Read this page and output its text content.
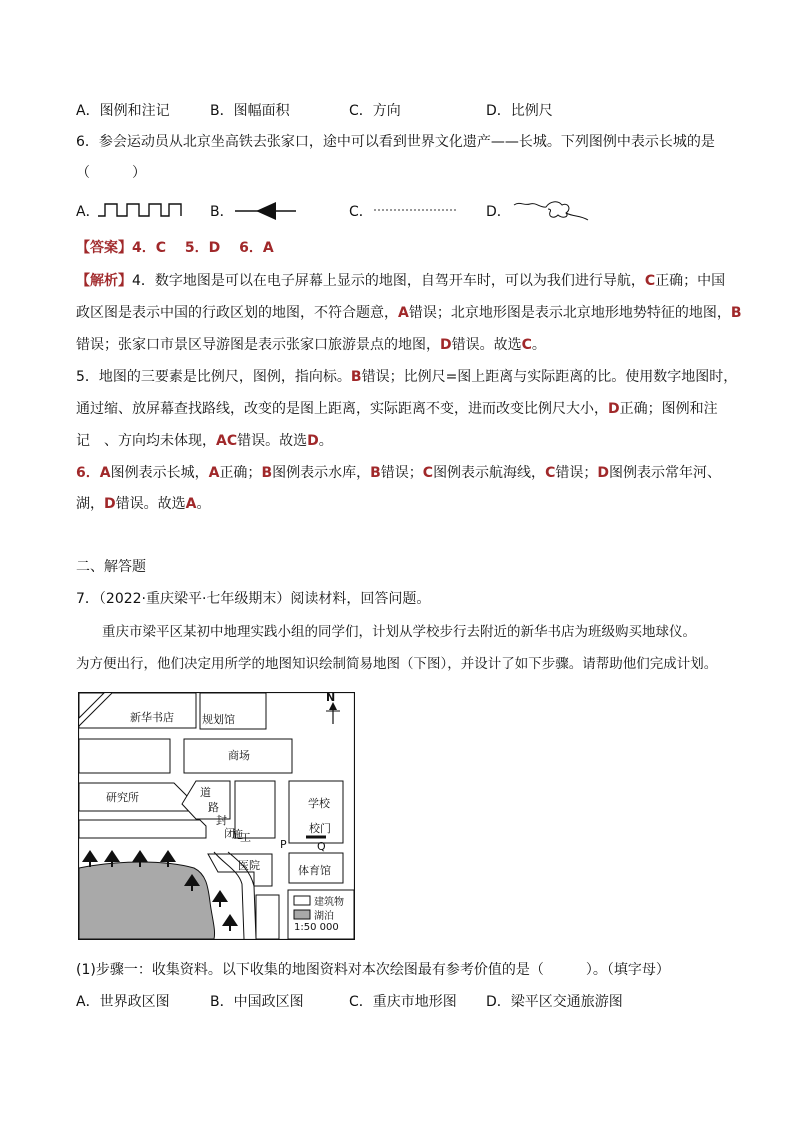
A．图例和注记	B．图幅面积	C．方向	D．比例尺
6．参会运动员从北京坐高铁去张家口，途中可以看到世界文化遗产——长城。下列图例中表示长城的是
（　　　）
A．	B．	C．	D．
【答案】4．C　 5．D　 6．A
【解析】4．数字地图是可以在电子屏幕上显示的地图，自驾开车时，可以为我们进行导航，C正确；中国
政区图是表示中国的行政区划的地图，不符合题意，A错误；北京地形图是表示北京地形地势特征的地图，B
错误；张家口市景区导游图是表示张家口旅游景点的地图，D错误。故选C。
5．地图的三要素是比例尺，图例，指向标。B错误；比例尺=图上距离与实际距离的比。使用数字地图时，
通过缩、放屏幕查找路线，改变的是图上距离，实际距离不变，进而改变比例尺大小，D正确；图例和注
记　、方向均未体现，AC错误。故选D。
6．A图例表示长城，A正确；B图例表示水库，B错误；C图例表示航海线，C错误；D图例表示常年河、
湖，D错误。故选A。
二、解答题
7．（2022·重庆梁平·七年级期末）阅读材料，回答问题。
重庆市梁平区某初中地理实践小组的同学们，计划从学校步行去附近的新华书店为班级购买地球仪。
为方便出行，他们决定用所学的地图知识绘制简易地图（下图），并设计了如下步骤。请帮助他们完成计划。
N
新华书店	规划馆
商场
研究所	道
路
封
闭
施
工
学校
校门
P	Q
医院	体育馆
建筑物
湖泊
1:50 000
(1)步骤一：收集资料。以下收集的地图资料对本次绘图最有参考价值的是（　　　）。（填字母）
A．世界政区图	B．中国政区图	C．重庆市地形图 D．梁平区交通旅游图
